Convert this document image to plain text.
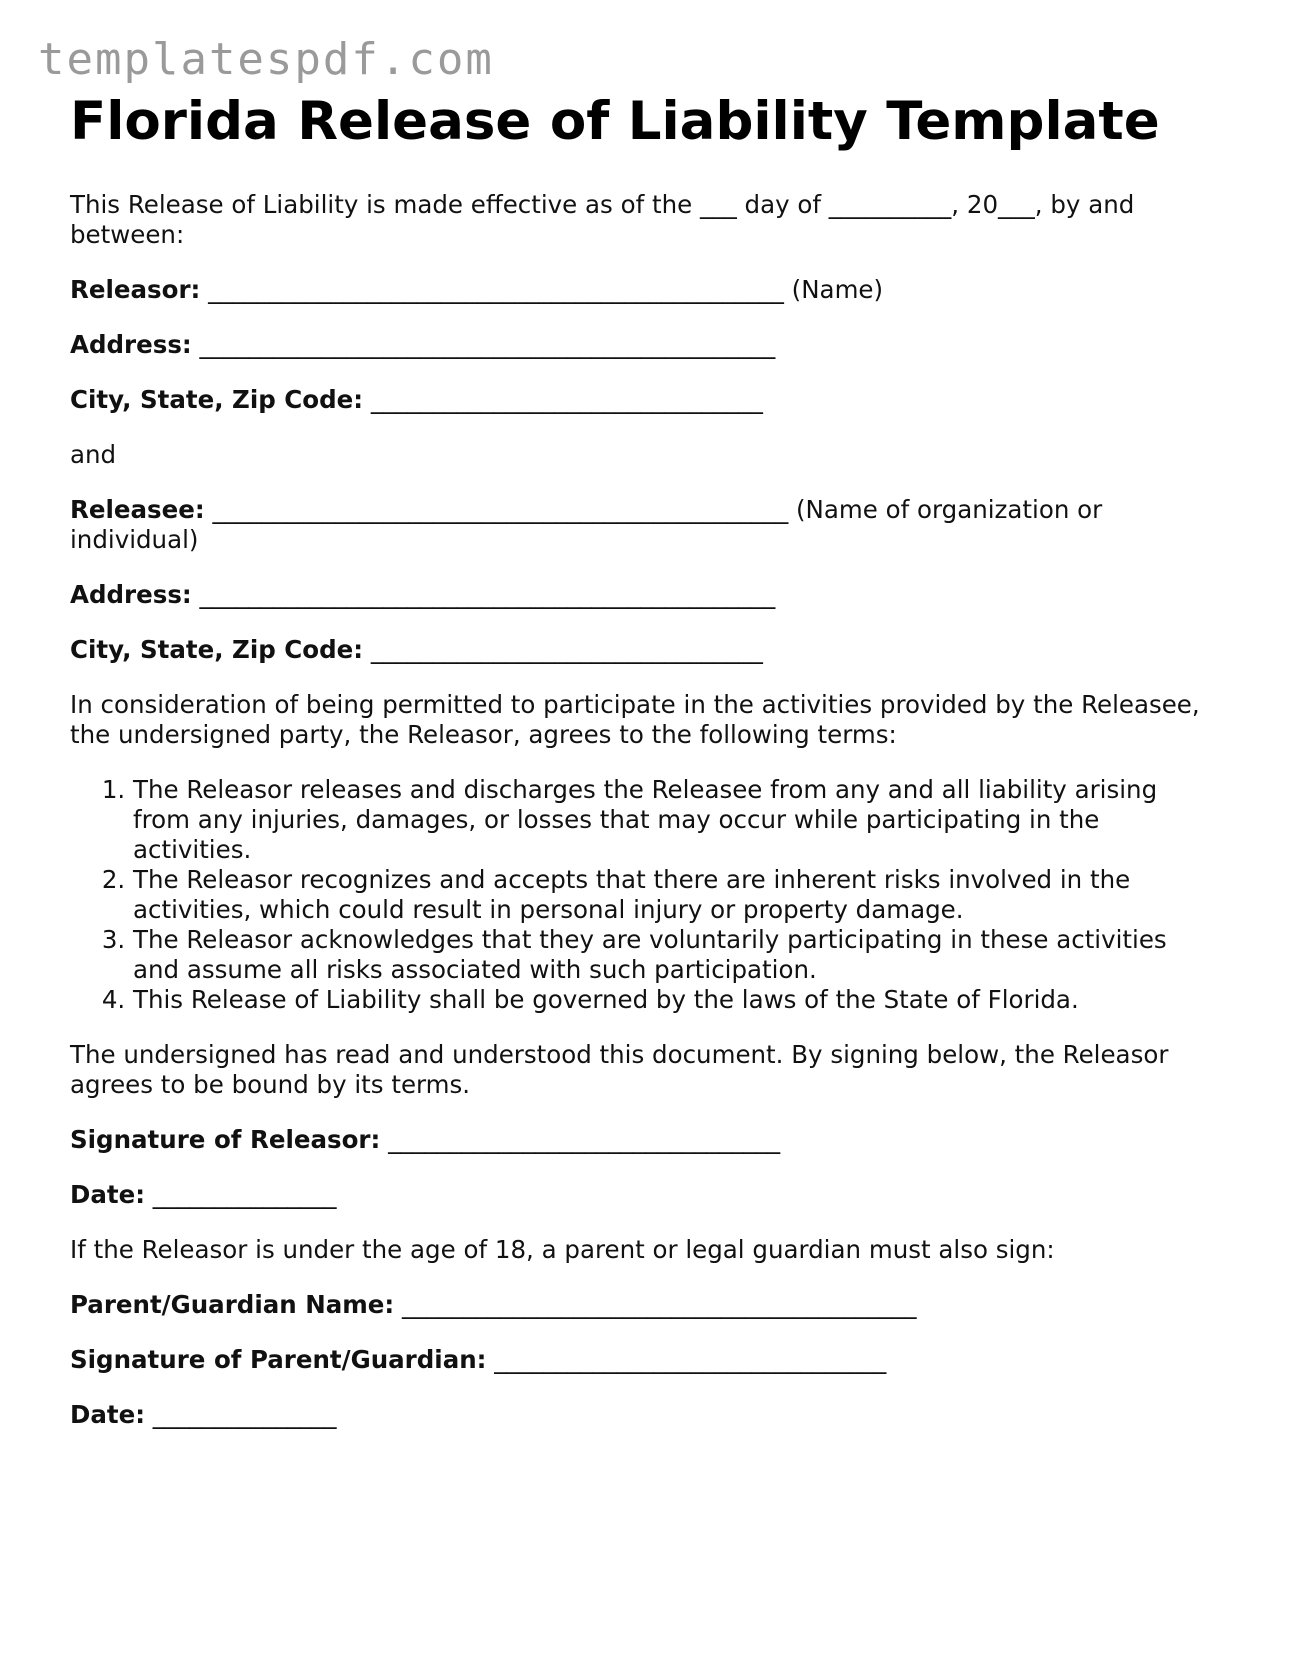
templatespdf.com
Florida Release of Liability Template

This Release of Liability is made effective as of the ___ day of __________, 20___, by and between:

Releasor: _______________________________________________ (Name)
Address: _______________________________________________
City, State, Zip Code: ________________________________

and

Releasee: _______________________________________________ (Name of organization or individual)
Address: _______________________________________________
City, State, Zip Code: ________________________________

In consideration of being permitted to participate in the activities provided by the Releasee, the undersigned party, the Releasor, agrees to the following terms:

1. The Releasor releases and discharges the Releasee from any and all liability arising from any injuries, damages, or losses that may occur while participating in the activities.
2. The Releasor recognizes and accepts that there are inherent risks involved in the activities, which could result in personal injury or property damage.
3. The Releasor acknowledges that they are voluntarily participating in these activities and assume all risks associated with such participation.
4. This Release of Liability shall be governed by the laws of the State of Florida.

The undersigned has read and understood this document. By signing below, the Releasor agrees to be bound by its terms.

Signature of Releasor: ________________________________
Date: _______________

If the Releasor is under the age of 18, a parent or legal guardian must also sign:

Parent/Guardian Name: __________________________________________
Signature of Parent/Guardian: ________________________________
Date: _______________
